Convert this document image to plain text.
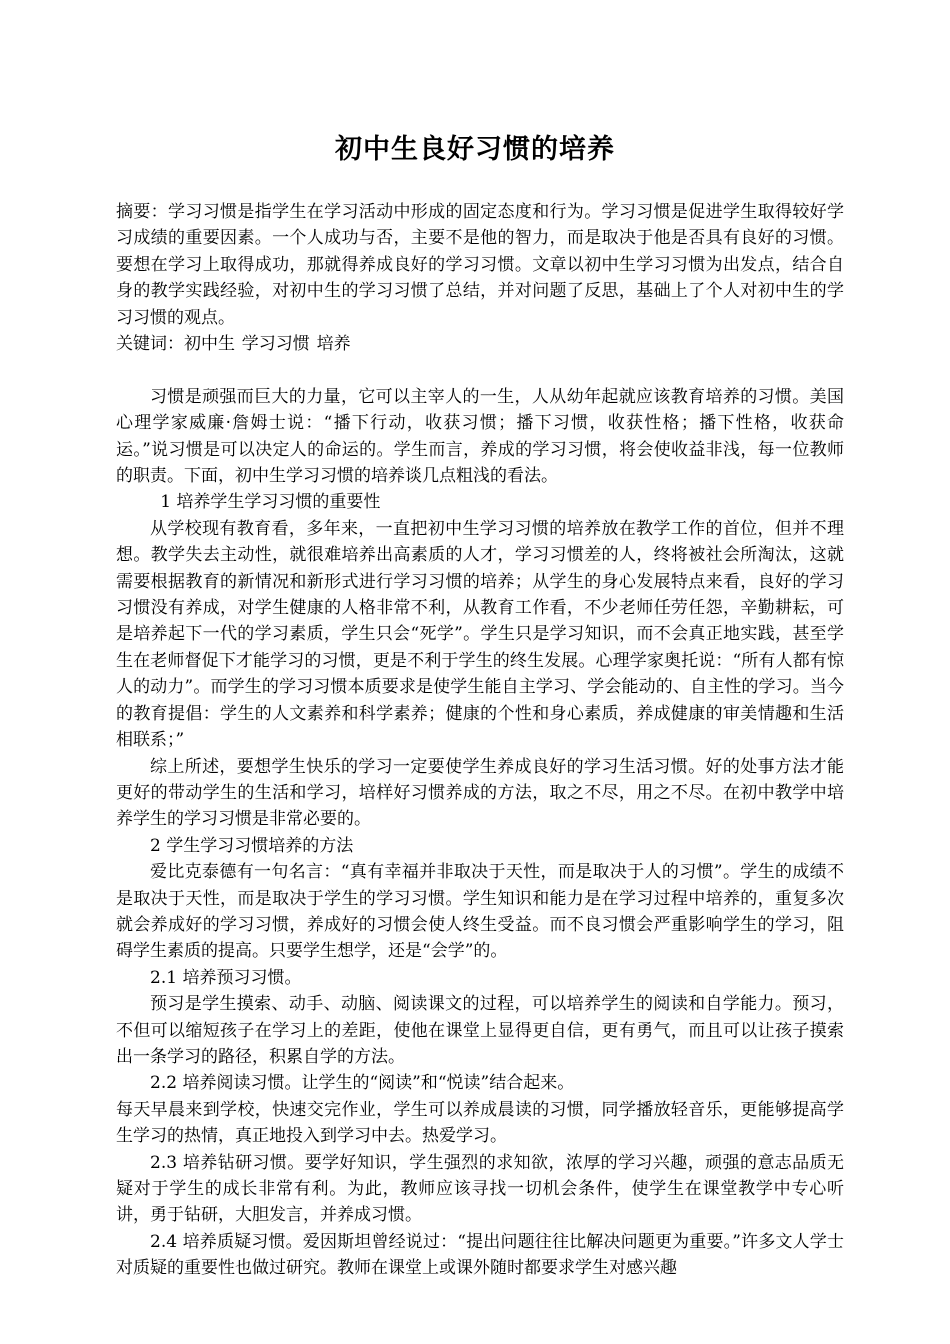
初中生良好习惯的培养

摘要：学习习惯是指学生在学习活动中形成的固定态度和行为。学习习惯是促进学生取得较好学习成绩的重要因素。一个人成功与否，主要不是他的智力，而是取决于他是否具有良好的习惯。要想在学习上取得成功，那就得养成良好的学习习惯。文章以初中生学习习惯为出发点，结合自身的教学实践经验，对初中生的学习习惯了总结，并对问题了反思，基础上了个人对初中生的学习习惯的观点。

关键词：初中生 学习习惯 培养

习惯是顽强而巨大的力量，它可以主宰人的一生，人从幼年起就应该教育培养的习惯。美国心理学家威廉·詹姆士说：“播下行动，收获习惯；播下习惯，收获性格；播下性格，收获命运。”说习惯是可以决定人的命运的。学生而言，养成的学习习惯，将会使收益非浅，每一位教师的职责。下面，初中生学习习惯的培养谈几点粗浅的看法。

1 培养学生学习习惯的重要性

从学校现有教育看，多年来，一直把初中生学习习惯的培养放在教学工作的首位，但并不理想。教学失去主动性，就很难培养出高素质的人才，学习习惯差的人，终将被社会所淘汰，这就需要根据教育的新情况和新形式进行学习习惯的培养；从学生的身心发展特点来看，良好的学习习惯没有养成，对学生健康的人格非常不利，从教育工作看，不少老师任劳任怨，辛勤耕耘，可是培养起下一代的学习素质，学生只会“死学”。学生只是学习知识，而不会真正地实践，甚至学生在老师督促下才能学习的习惯，更是不利于学生的终生发展。心理学家奥托说：“所有人都有惊人的动力”。而学生的学习习惯本质要求是使学生能自主学习、学会能动的、自主性的学习。当今的教育提倡：学生的人文素养和科学素养；健康的个性和身心素质，养成健康的审美情趣和生活相联系；”

综上所述，要想学生快乐的学习一定要使学生养成良好的学习生活习惯。好的处事方法才能更好的带动学生的生活和学习，培样好习惯养成的方法，取之不尽，用之不尽。在初中教学中培养学生的学习习惯是非常必要的。

2 学生学习习惯培养的方法

爱比克泰德有一句名言：“真有幸福并非取决于天性，而是取决于人的习惯”。学生的成绩不是取决于天性，而是取决于学生的学习习惯。学生知识和能力是在学习过程中培养的，重复多次就会养成好的学习习惯，养成好的习惯会使人终生受益。而不良习惯会严重影响学生的学习，阻碍学生素质的提高。只要学生想学，还是“会学”的。

2.1 培养预习习惯。

预习是学生摸索、动手、动脑、阅读课文的过程，可以培养学生的阅读和自学能力。预习，不但可以缩短孩子在学习上的差距，使他在课堂上显得更自信，更有勇气，而且可以让孩子摸索出一条学习的路径，积累自学的方法。

2.2 培养阅读习惯。让学生的“阅读”和“悦读”结合起来。

每天早晨来到学校，快速交完作业，学生可以养成晨读的习惯，同学播放轻音乐，更能够提高学生学习的热情，真正地投入到学习中去。热爱学习。

2.3 培养钻研习惯。要学好知识，学生强烈的求知欲，浓厚的学习兴趣，顽强的意志品质无疑对于学生的成长非常有利。为此，教师应该寻找一切机会条件，使学生在课堂教学中专心听讲，勇于钻研，大胆发言，并养成习惯。

2.4 培养质疑习惯。爱因斯坦曾经说过：“提出问题往往比解决问题更为重要。”许多文人学士对质疑的重要性也做过研究。教师在课堂上或课外随时都要求学生对感兴趣
